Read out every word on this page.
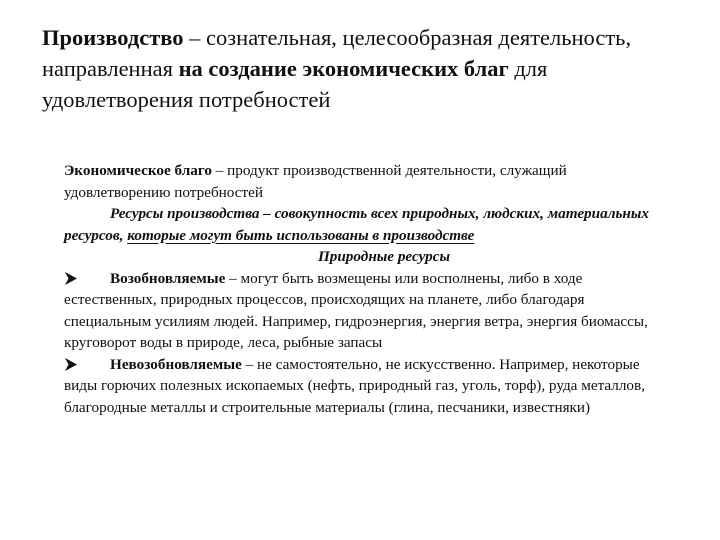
Производство – сознательная, целесообразная деятельность, направленная на создание экономических благ для удовлетворения потребностей

Экономическое благо – продукт производственной деятельности, служащий удовлетворению потребностей

Ресурсы производства – совокупность всех природных, людских, материальных ресурсов, которые могут быть использованы в производстве

Природные ресурсы

Возобновляемые – могут быть возмещены или восполнены, либо в ходе естественных, природных процессов, происходящих на планете, либо благодаря специальным усилиям людей. Например, гидроэнергия, энергия ветра, энергия биомассы, круговорот воды в природе, леса, рыбные запасы
Невозобновляемые – не самостоятельно, не искусственно. Например, некоторые виды горючих полезных ископаемых (нефть, природный газ, уголь, торф), руда металлов, благородные металлы и строительные материалы (глина, песчаники, известняки)
